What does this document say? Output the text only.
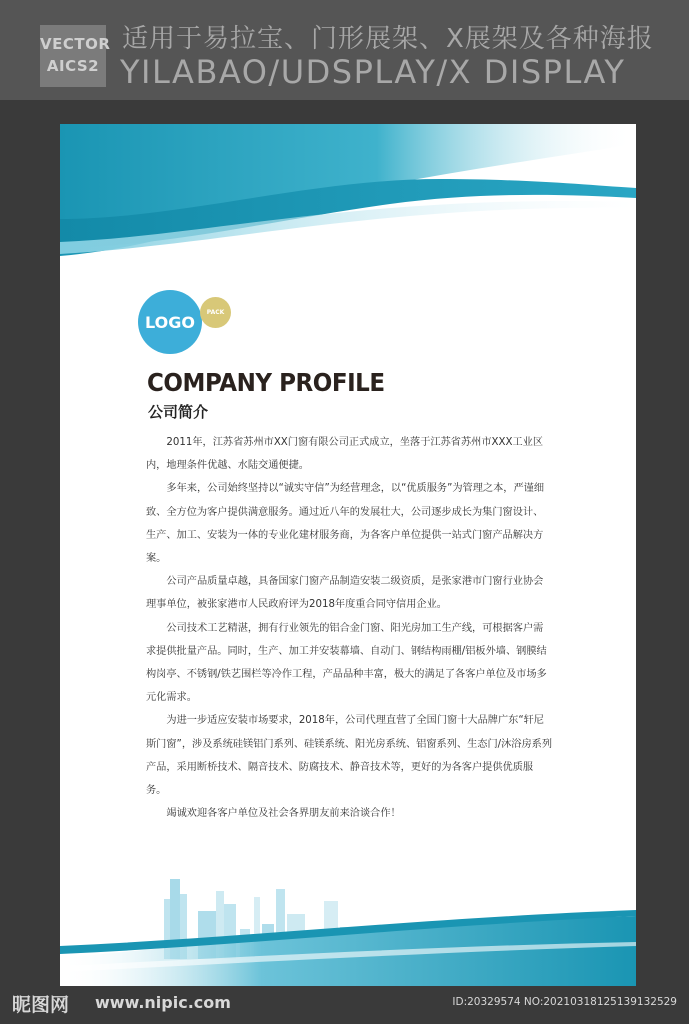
VECTOR
AICS2
适用于易拉宝、门形展架、X展架及各种海报
YILABAO/UDSPLAY/X DISPLAY
LOGO PACK
COMPANY PROFILE
公司简介

2011年，江苏省苏州市XX门窗有限公司正式成立，坐落于江苏省苏州市XXX工业区内，地理条件优越、水陆交通便捷。

多年来，公司始终坚持以“诚实守信”为经营理念，以“优质服务”为管理之本，严谨细致、全方位为客户提供满意服务。通过近八年的发展壮大，公司逐步成长为集门窗设计、生产、加工、安装为一体的专业化建材服务商，为各客户单位提供一站式门窗产品解决方案。

公司产品质量卓越，具备国家门窗产品制造安装二级资质，是张家港市门窗行业协会理事单位，被张家港市人民政府评为2018年度重合同守信用企业。

公司技术工艺精湛，拥有行业领先的铝合金门窗、阳光房加工生产线，可根据客户需求提供批量产品。同时，生产、加工并安装幕墙、自动门、钢结构雨棚/铝板外墙、钢膜结构岗亭、不锈钢/铁艺围栏等冷作工程，产品品种丰富，极大的满足了各客户单位及市场多元化需求。

为进一步适应安装市场要求，2018年，公司代理直营了全国门窗十大品牌广东“轩尼斯门窗”，涉及系统硅镁铝门系列、硅镁系统、阳光房系统、铝窗系列、生态门/沐浴房系列产品，采用断桥技术、隔音技术、防腐技术、静音技术等，更好的为各客户提供优质服务。

竭诚欢迎各客户单位及社会各界朋友前来洽谈合作！

昵图网 www.nipic.com	ID:20329574 NO:20210318125139132529
